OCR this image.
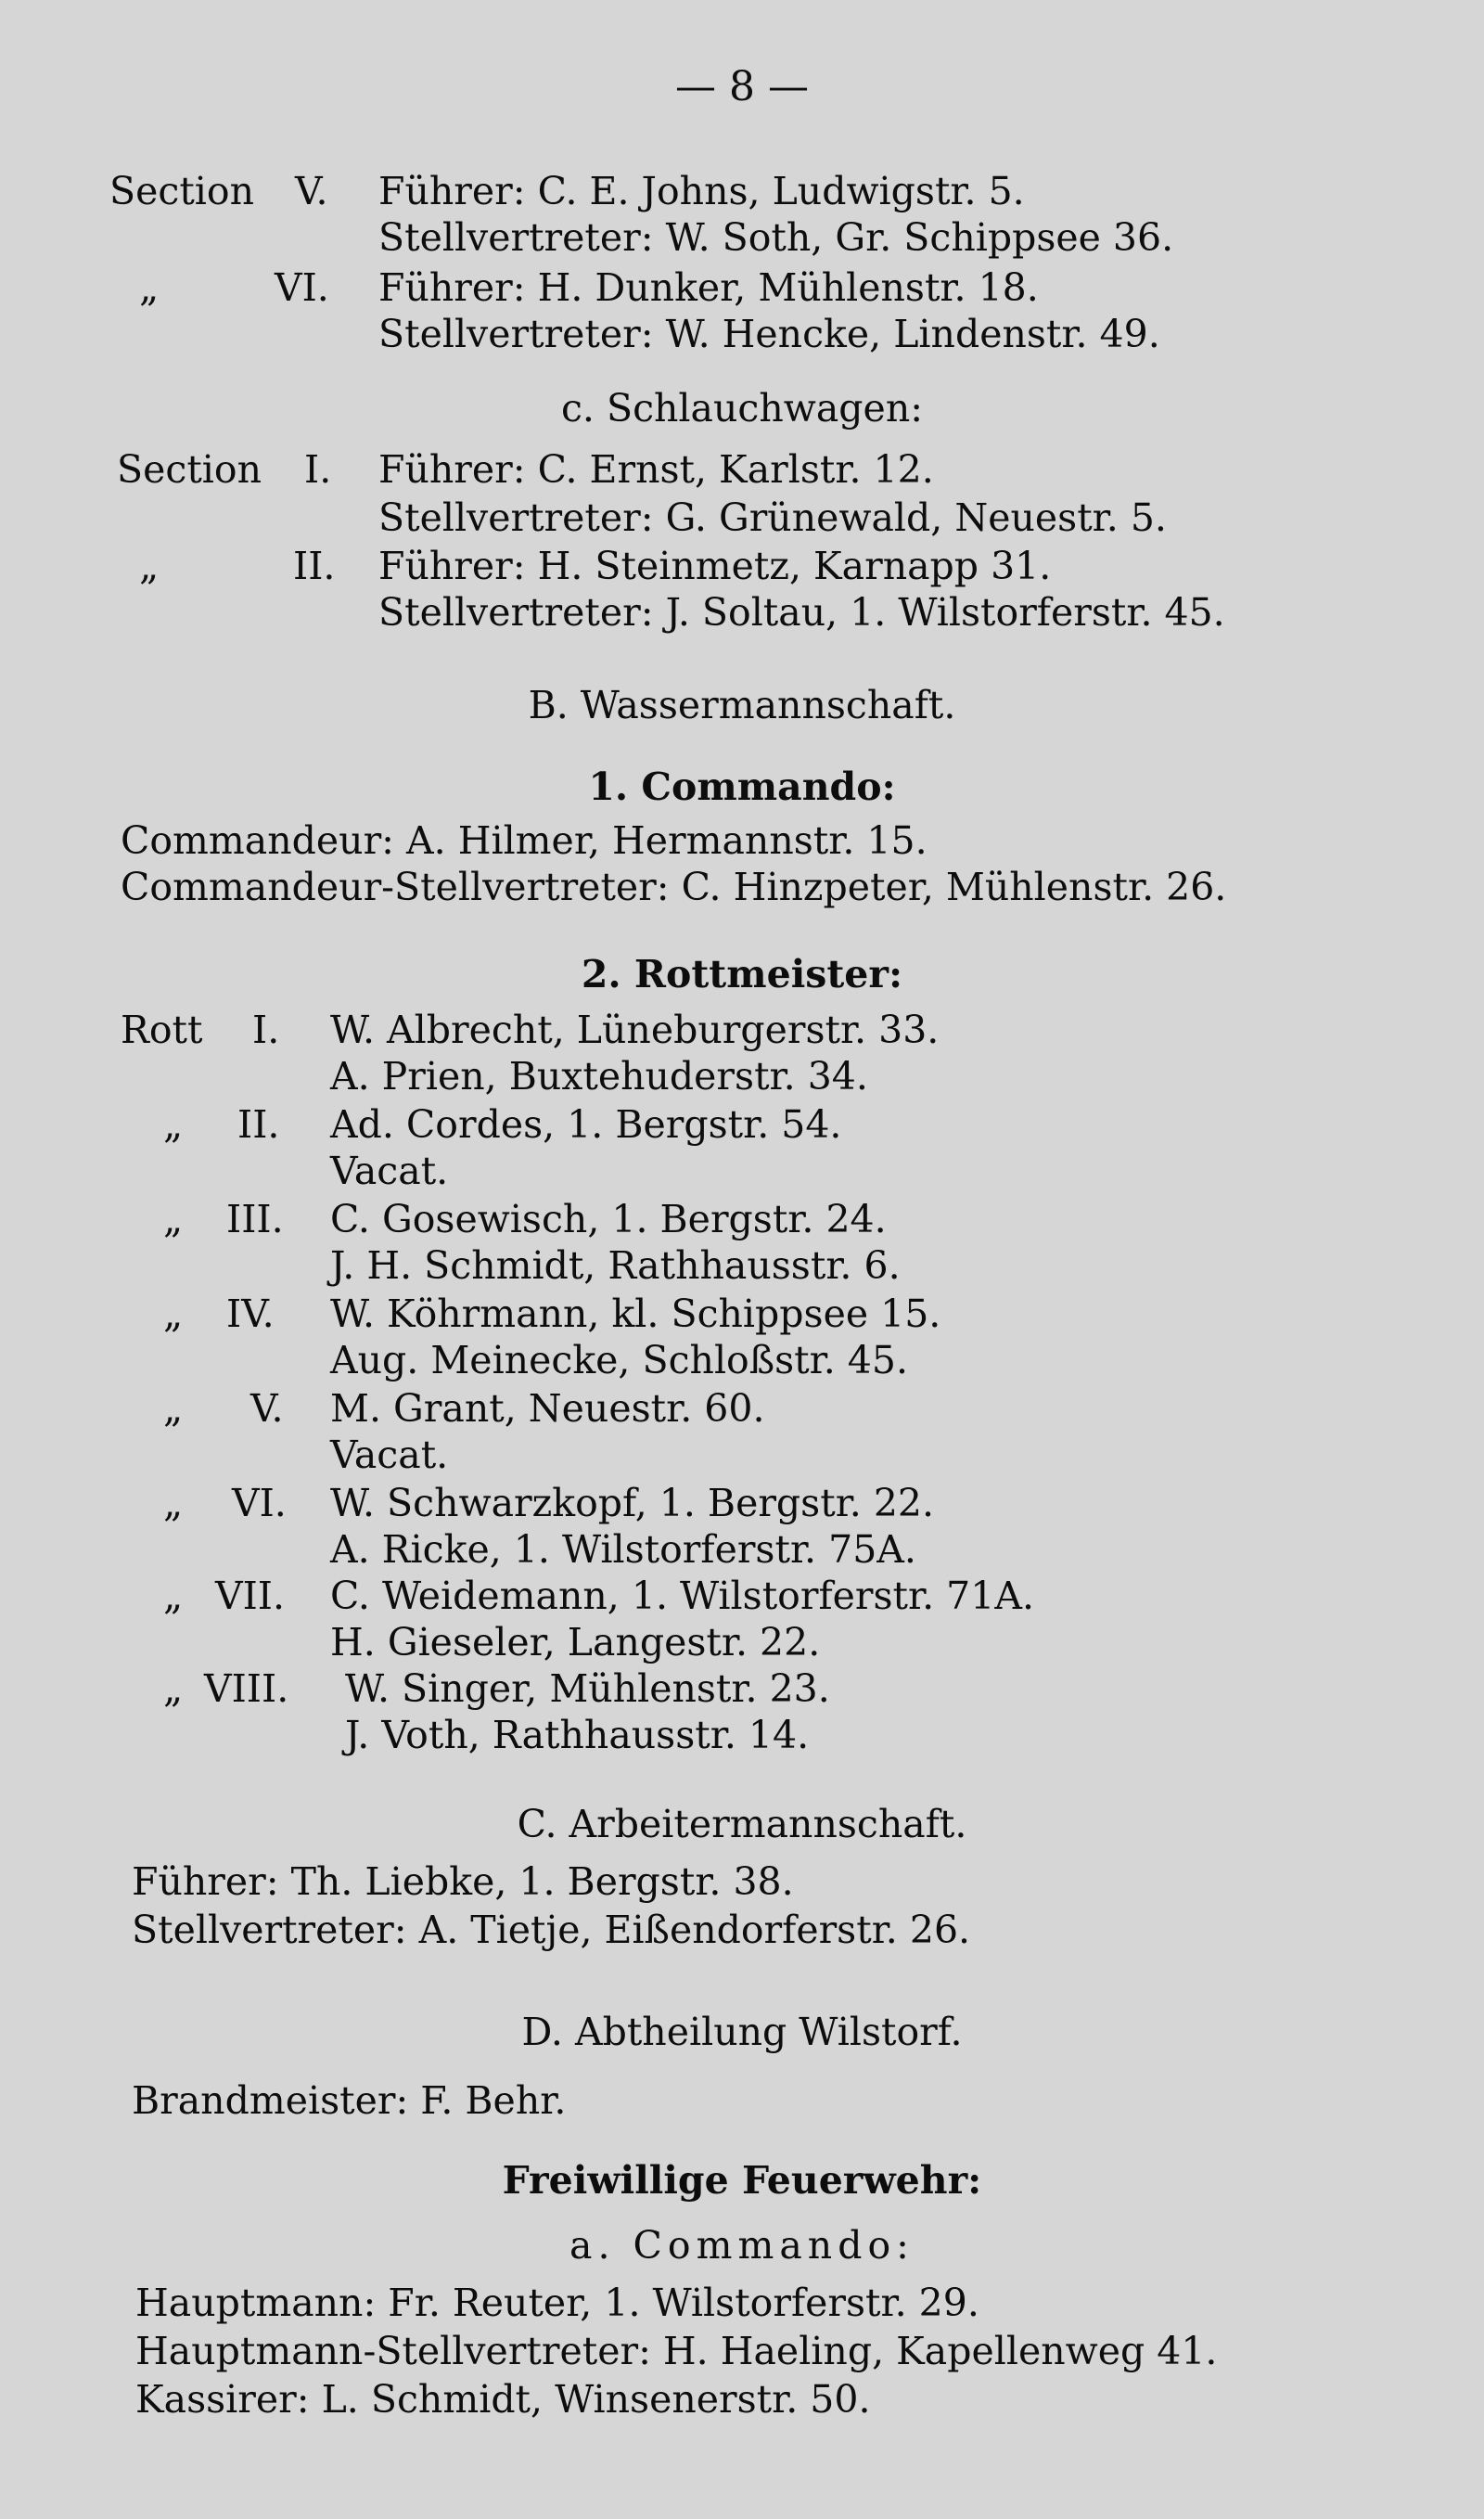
— 8 —
Section V. Führer: C. E. Johns, Ludwigstr. 5.
Stellvertreter: W. Soth, Gr. Schippsee 36.
„	VI. Führer: H. Dunker, Mühlenstr. 18.
Stellvertreter: W. Hencke, Lindenstr. 49.
c. Schlauchwagen:
Section I. Führer: C. Ernst, Karlstr. 12.
Stellvertreter: G. Grünewald, Neuestr. 5.
„	II. Führer: H. Steinmetz, Karnapp 31.
Stellvertreter: J. Soltau, 1. Wilstorferstr. 45.
B. Wassermannschaft.
1. Commando:
Commandeur: A. Hilmer, Hermannstr. 15.
Commandeur-Stellvertreter: C. Hinzpeter, Mühlenstr. 26.
2. Rottmeister:
Rott I. W. Albrecht, Lüneburgerstr. 33.
A. Prien, Buxtehuderstr. 34.
„ II. Ad. Cordes, 1. Bergstr. 54.
Vacat.
„ III. C. Gosewisch, 1. Bergstr. 24.
J. H. Schmidt, Rathhausstr. 6.
„ IV. W. Köhrmann, kl. Schippsee 15.
Aug. Meinecke, Schloßstr. 45.
„ V. M. Grant, Neuestr. 60.
Vacat.
„ VI. W. Schwarzkopf, 1. Bergstr. 22.
A. Ricke, 1. Wilstorferstr. 75A.
„ VII. C. Weidemann, 1. Wilstorferstr. 71A.
H. Gieseler, Langestr. 22.
„ VIII. W. Singer, Mühlenstr. 23.
J. Voth, Rathhausstr. 14.
C. Arbeitermannschaft.
Führer: Th. Liebke, 1. Bergstr. 38.
Stellvertreter: A. Tietje, Eißendorferstr. 26.
D. Abtheilung Wilstorf.
Brandmeister: F. Behr.
Freiwillige Feuerwehr:
a. Commando:
Hauptmann: Fr. Reuter, 1. Wilstorferstr. 29.
Hauptmann-Stellvertreter: H. Haeling, Kapellenweg 41.
Kassirer: L. Schmidt, Winsenerstr. 50.
